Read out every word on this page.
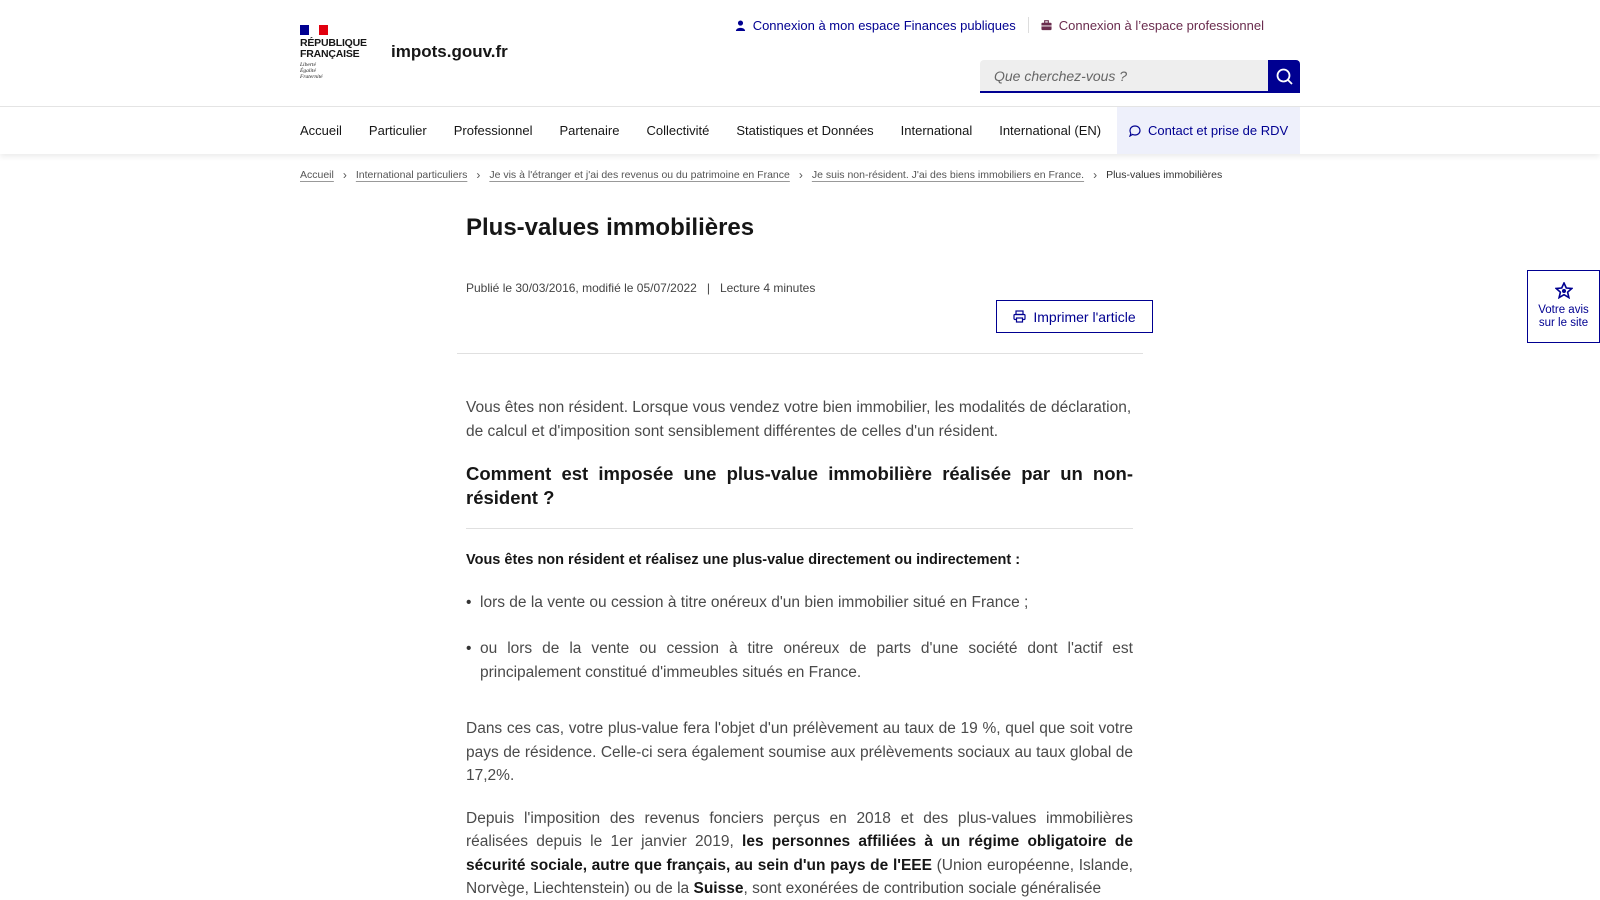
RÉPUBLIQUE
FRANÇAISE
Liberté
Égalité
Fraternité
impots.gouv.fr
Connexion à mon espace Finances publiques	Connexion à l’espace professionnel
Que cherchez-vous ?
Accueil Particulier Professionnel Partenaire Collectivité Statistiques et Données International International (EN)	Contact et prise de RDV
Accueil › International particuliers › Je vis à l'étranger et j'ai des revenus ou du patrimoine en France › Je suis non-résident. J'ai des biens immobiliers en France. › Plus-values immobilières
Plus-values immobilières
Publié le 30/03/2016, modifié le 05/07/2022   |   Lecture 4 minutes
Imprimer l'article

Vous êtes non résident. Lorsque vous vendez votre bien immobilier, les modalités de déclaration, de calcul et d'imposition sont sensiblement différentes de celles d'un résident.

Comment est imposée une plus-value immobilière réalisée par un non-résident ?

Vous êtes non résident et réalisez une plus-value directement ou indirectement :

• lors de la vente ou cession à titre onéreux d'un bien immobilier situé en France ;
• ou lors de la vente ou cession à titre onéreux de parts d'une société dont l'actif est principalement constitué d'immeubles situés en France.

Dans ces cas, votre plus-value fera l'objet d'un prélèvement au taux de 19 %, quel que soit votre pays de résidence. Celle-ci sera également soumise aux prélèvements sociaux au taux global de 17,2%.

Depuis l'imposition des revenus fonciers perçus en 2018 et des plus-values immobilières réalisées depuis le 1er janvier 2019, les personnes affiliées à un régime obligatoire de sécurité sociale, autre que français, au sein d'un pays de l'EEE (Union européenne, Islande, Norvège, Liechtenstein) ou de la Suisse, sont exonérées de contribution sociale généralisée

Votre avis
sur le site
